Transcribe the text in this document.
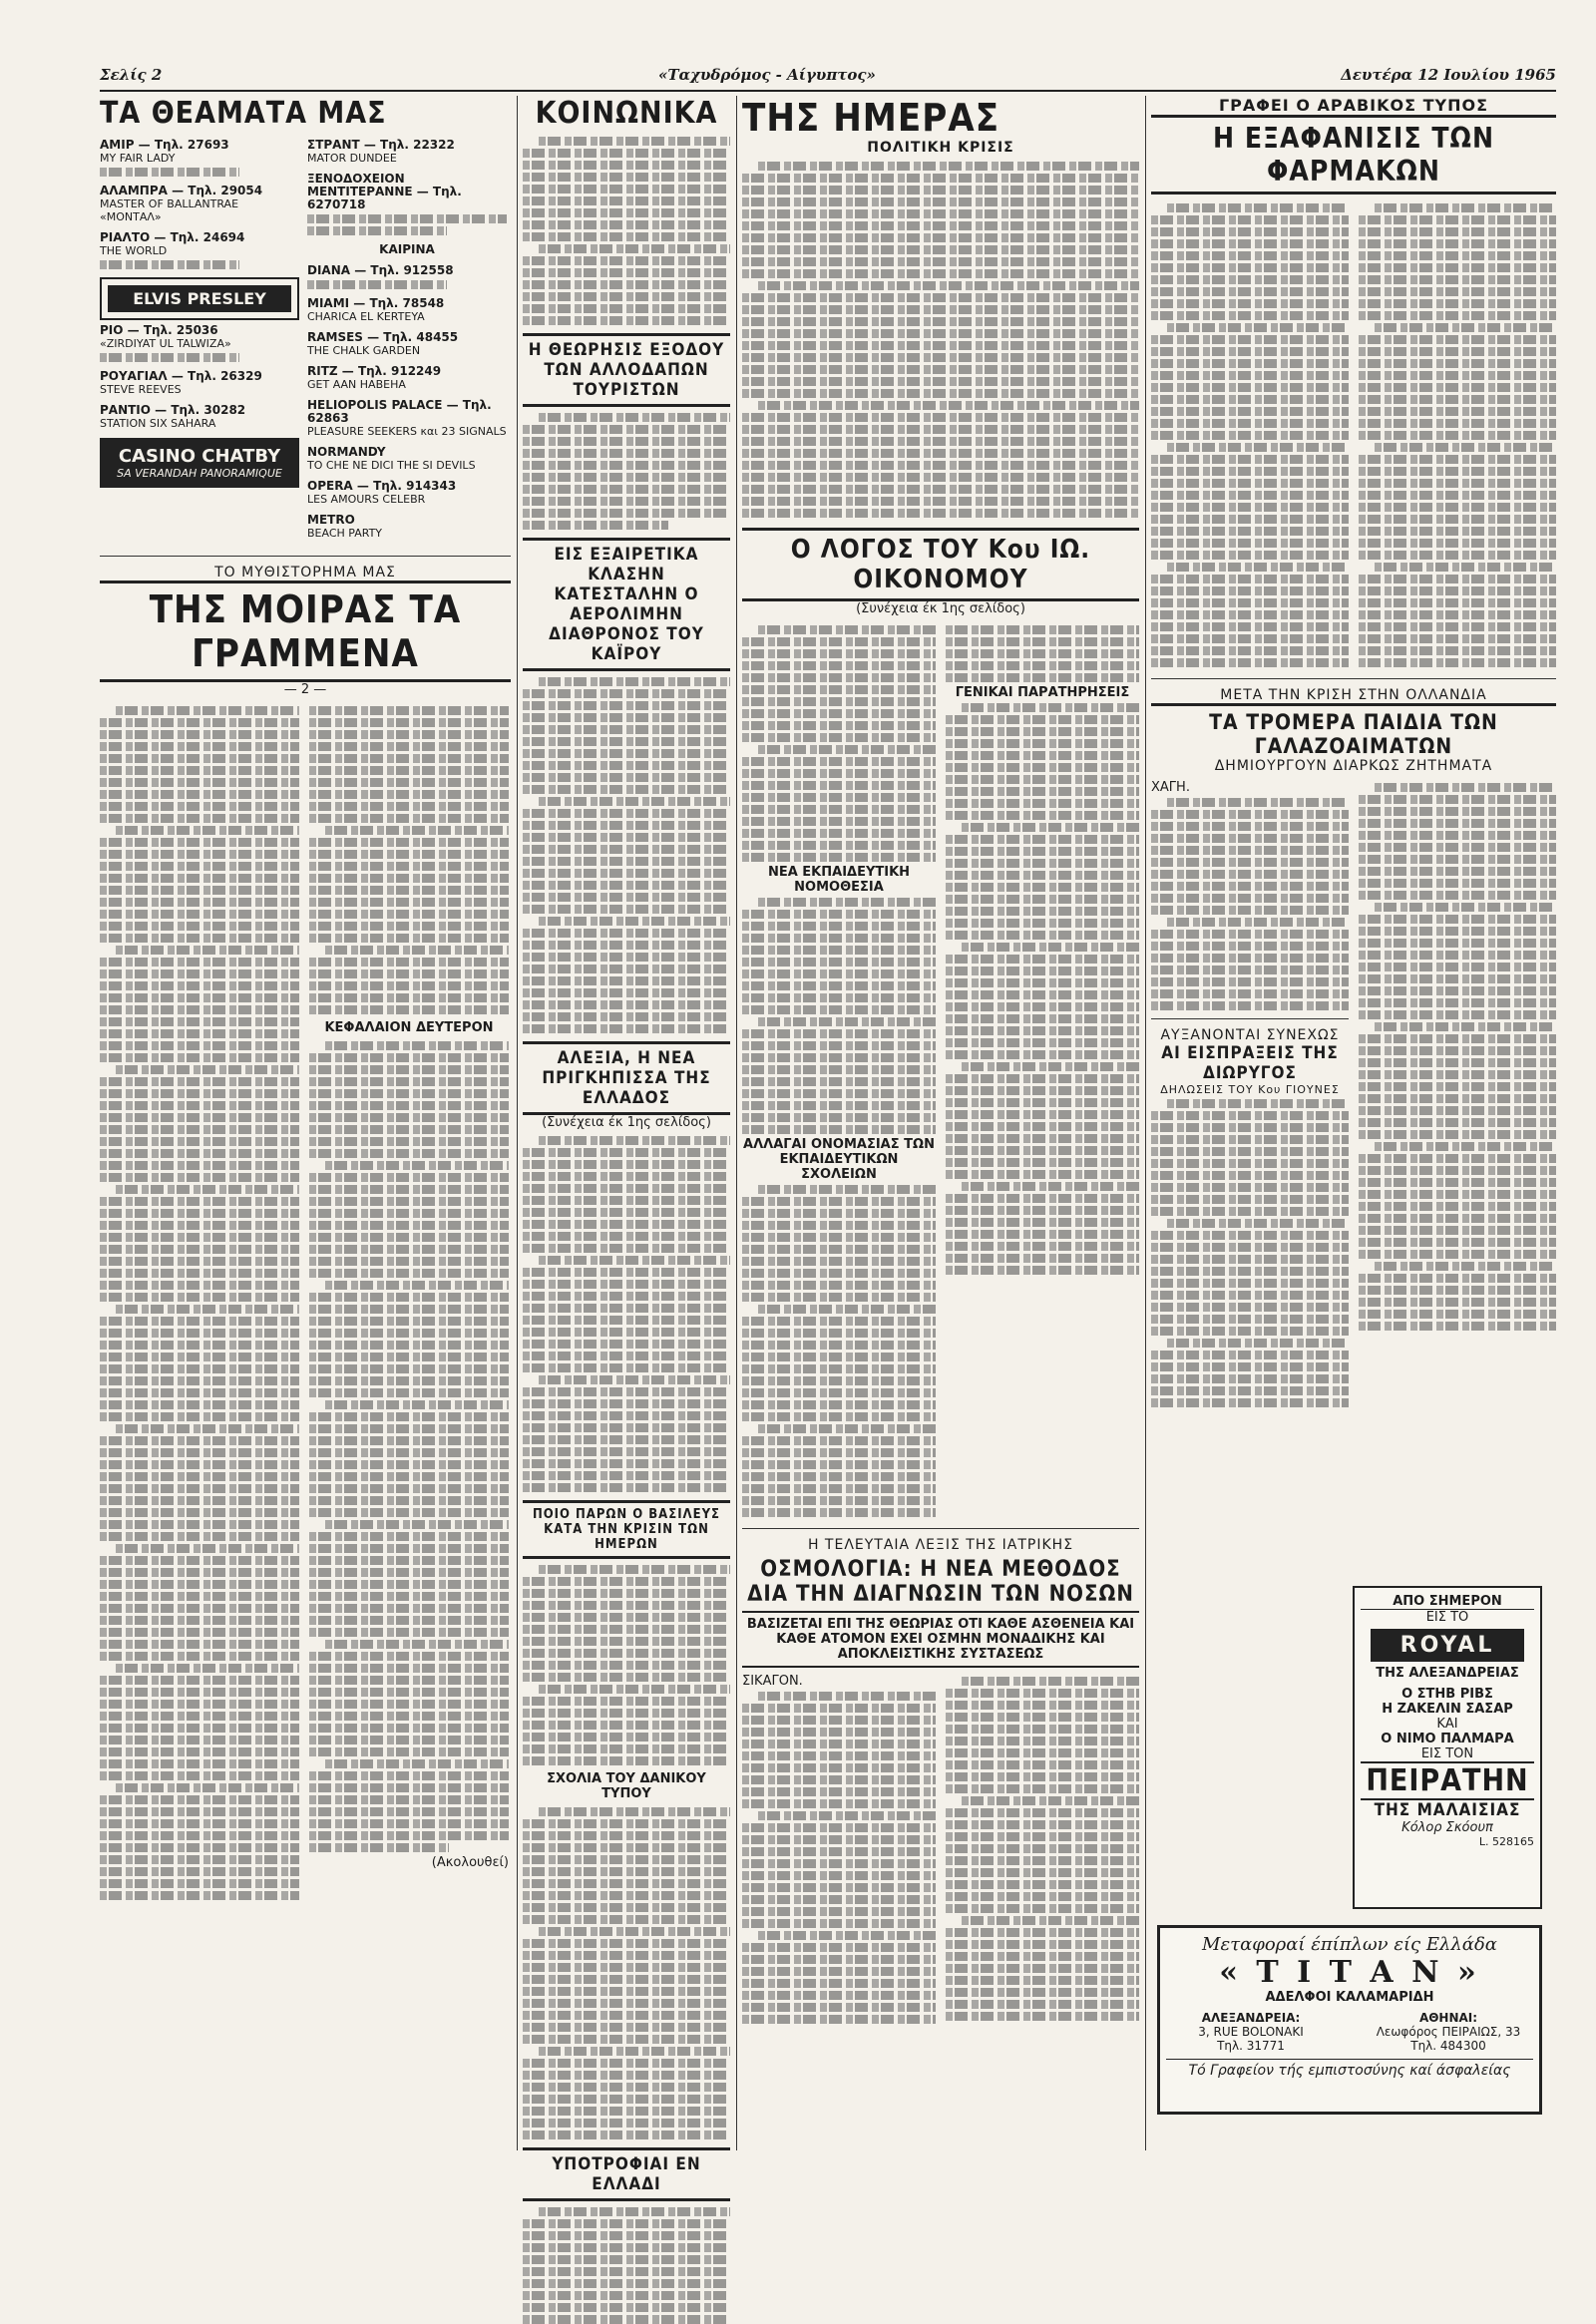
Σελίς 2	«Ταχυδρόμος - Αίγυπτος»	Δευτέρα 12 Ιουλίου 1965
ΤΑ ΘΕΑΜΑΤΑ ΜΑΣ
AMIP — Τηλ. 27693
MY FAIR LADY
ΑΛΑΜΠΡΑ — Τηλ. 29054
MASTER OF BALLANTRAE «ΜΟΝΤΑΛ»
ΡΙΑΛΤΟ — Τηλ. 24694
THE WORLD
ELVIS PRESLEY
ΡΙΟ — Τηλ. 25036
«ZIRDIYAT UL TALWIZA»
ΡΟΥΑΓΙΑΛ — Τηλ. 26329
STEVE REEVES
ΡΑΝΤΙΟ — Τηλ. 30282
STATION SIX SAHARA
CASINO CHATBY
SA VERANDAH PANORAMIQUE
ΣΤΡΑΝΤ — Τηλ. 22322
MATOR DUNDEE
ΞΕΝΟΔΟΧΕΙΟΝ ΜΕΝΤΙΤΕΡΑΝΝΕ — Τηλ. 6270718
ΚΑΙΡΙΝΑ
DIANA — Τηλ. 912558
MIAMI — Τηλ. 78548
CHARICA EL KERTEYA
RAMSES — Τηλ. 48455
THE CHALK GARDEN
RITZ — Τηλ. 912249
GET AAN HABEHA
HELIOPOLIS PALACE — Τηλ. 62863
PLEASURE SEEKERS και 23 SIGNALS
NORMANDY
TO CHE NE DICI THE SI DEVILS
OPERA — Τηλ. 914343
LES AMOURS CELEBR
METRO
BEACH PARTY
ΤΟ ΜΥΘΙΣΤΟΡΗΜΑ ΜΑΣ
ΤΗΣ ΜΟΙΡΑΣ ΤΑ ΓΡΑΜΜΕΝΑ
— 2 —
ΚΕΦΑΛΑΙΟΝ ΔΕΥΤΕΡΟΝ
(Ακολουθεί)
ΚΟΙΝΩΝΙΚΑ
Η ΘΕΩΡΗΣΙΣ ΕΞΟΔΟΥ ΤΩΝ ΑΛΛΟΔΑΠΩΝ ΤΟΥΡΙΣΤΩΝ
ΕΙΣ ΕΞΑΙΡΕΤΙΚΑ ΚΛΑΣΗΝ ΚΑΤΕΣΤΑΛΗΝ Ο ΑΕΡΟΛΙΜΗΝ ΔΙΑΘΡΟΝΟΣ ΤΟΥ ΚΑΪΡΟΥ
ΑΛΕΞΙΑ, Η ΝΕΑ ΠΡΙΓΚΗΠΙΣΣΑ ΤΗΣ ΕΛΛΑΔΟΣ
(Συνέχεια έκ 1ης σελίδος)
ΠΟΙΟ ΠΑΡΩΝ Ο ΒΑΣΙΛΕΥΣ ΚΑΤΑ ΤΗΝ ΚΡΙΣΙΝ ΤΩΝ ΗΜΕΡΩΝ
ΣΧΟΛΙΑ ΤΟΥ ΔΑΝΙΚΟΥ ΤΥΠΟΥ
ΥΠΟΤΡΟΦΙΑΙ ΕΝ ΕΛΛΑΔΙ
ΤΗΣ ΗΜΕΡΑΣ
ΠΟΛΙΤΙΚΗ ΚΡΙΣΙΣ
Ο ΛΟΓΟΣ ΤΟΥ Κου ΙΩ. ΟΙΚΟΝΟΜΟΥ
(Συνέχεια έκ 1ης σελίδος)
ΝΕΑ ΕΚΠΑΙΔΕΥΤΙΚΗ ΝΟΜΟΘΕΣΙΑ
ΑΛΛΑΓΑΙ ΟΝΟΜΑΣΙΑΣ ΤΩΝ ΕΚΠΑΙΔΕΥΤΙΚΩΝ ΣΧΟΛΕΙΩΝ
ΓΕΝΙΚΑΙ ΠΑΡΑΤΗΡΗΣΕΙΣ
Η ΤΕΛΕΥΤΑΙΑ ΛΕΞΙΣ ΤΗΣ ΙΑΤΡΙΚΗΣ
ΟΣΜΟΛΟΓΙΑ: Η ΝΕΑ ΜΕΘΟΔΟΣ ΔΙΑ ΤΗΝ ΔΙΑΓΝΩΣΙΝ ΤΩΝ ΝΟΣΩΝ
ΒΑΣΙΖΕΤΑΙ ΕΠΙ ΤΗΣ ΘΕΩΡΙΑΣ ΟΤΙ ΚΑΘΕ ΑΣΘΕΝΕΙΑ ΚΑΙ ΚΑΘΕ ΑΤΟΜΟΝ ΕΧΕΙ ΟΣΜΗΝ ΜΟΝΑΔΙΚΗΣ ΚΑΙ ΑΠΟΚΛΕΙΣΤΙΚΗΣ ΣΥΣΤΑΣΕΩΣ
ΣΙΚΑΓΟΝ.
ΓΡΑΦΕΙ Ο ΑΡΑΒΙΚΟΣ ΤΥΠΟΣ
Η ΕΞΑΦΑΝΙΣΙΣ ΤΩΝ ΦΑΡΜΑΚΩΝ
ΜΕΤΑ ΤΗΝ ΚΡΙΣΗ ΣΤΗΝ ΟΛΛΑΝΔΙΑ
ΤΑ ΤΡΟΜΕΡΑ ΠΑΙΔΙΑ ΤΩΝ ΓΑΛΑΖΟΑΙΜΑΤΩΝ
ΔΗΜΙΟΥΡΓΟΥΝ ΔΙΑΡΚΩΣ ΖΗΤΗΜΑΤΑ
ΧΑΓΗ.
ΑΥΞΑΝΟΝΤΑΙ ΣΥΝΕΧΩΣ
ΑΙ ΕΙΣΠΡΑΞΕΙΣ ΤΗΣ ΔΙΩΡΥΓΟΣ
ΔΗΛΩΣΕΙΣ ΤΟΥ Κου ΓΙΟΥΝΕΣ
ΑΠΟ ΣΗΜΕΡΟΝ
ΕΙΣ ΤΟ
ROYAL
ΤΗΣ ΑΛΕΞΑΝΔΡΕΙΑΣ
Ο ΣΤΗΒ ΡΙΒΣ
Η ΖΑΚΕΛΙΝ ΣΑΣΑΡ
ΚΑΙ
Ο ΝΙΜΟ ΠΑΛΜΑΡΑ
ΕΙΣ ΤΟΝ
ΠΕΙΡΑΤΗΝ
ΤΗΣ ΜΑΛΑΙΣΙΑΣ
Κόλορ Σκόουπ
L. 528165
Μεταφοραί έπίπλων είς Ελλάδα
« Τ Ι Τ Α Ν »
ΑΔΕΛΦΟΙ ΚΑΛΑΜΑΡΙΔΗ
ΑΛΕΞΑΝΔΡΕΙΑ:
3, RUE BOLONAKI
Τηλ. 31771
ΑΘΗΝΑΙ:
Λεωφόρος ΠΕΙΡΑΙΩΣ, 33
Τηλ. 484300
Τό Γραφείον τής εμπιστοσύνης καί άσφαλείας
